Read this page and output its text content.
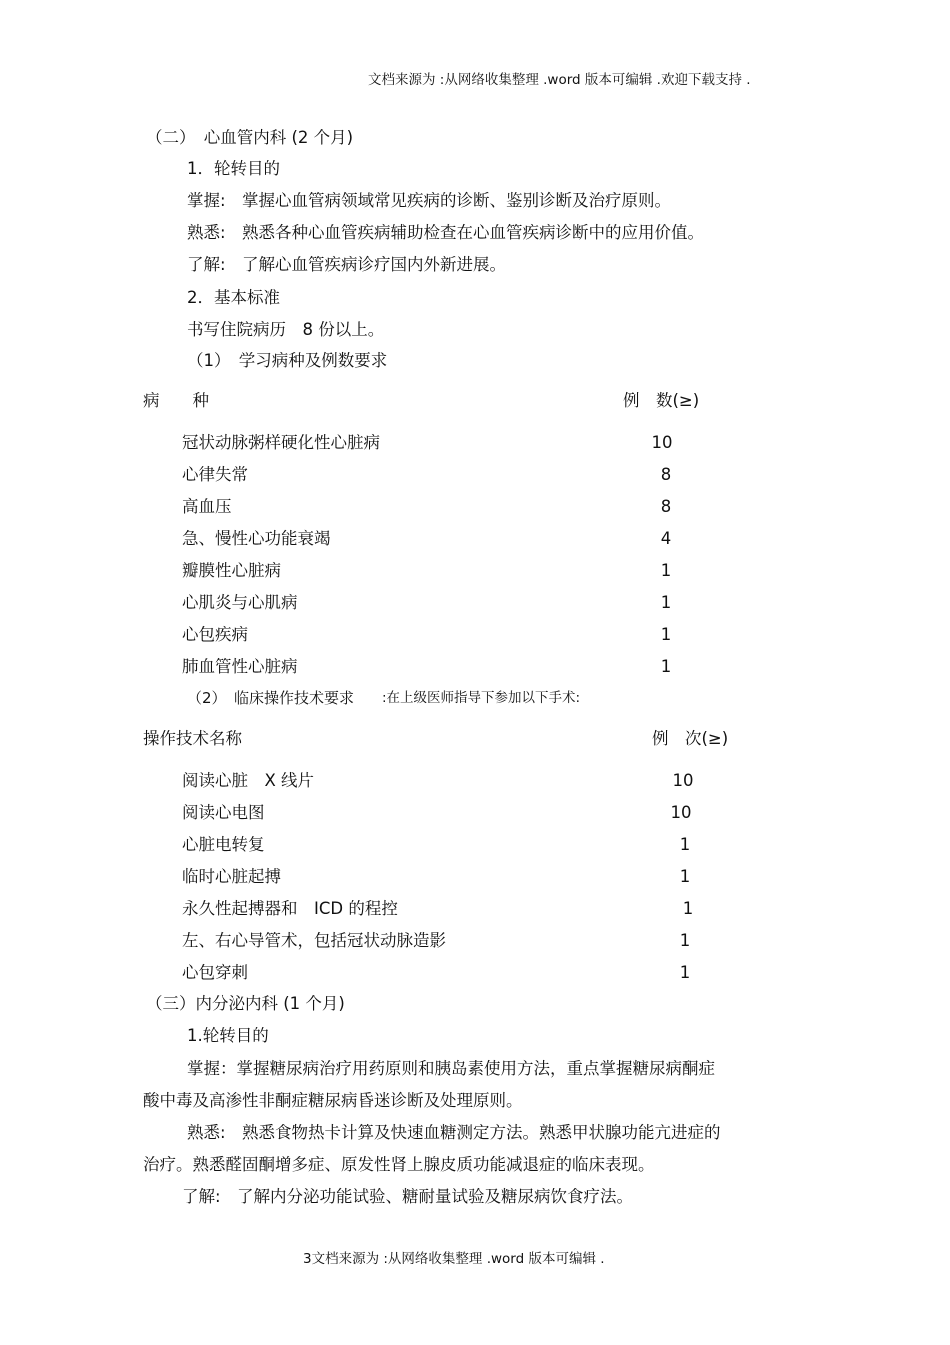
文档来源为 :从网络收集整理 .word 版本可编辑 .欢迎下载支持 .
（二）　心血管内科 (2 个月)
1．轮转目的
掌握:　掌握心血管病领域常见疾病的诊断、鉴别诊断及治疗原则。
熟悉:　熟悉各种心血管疾病辅助检查在心血管疾病诊断中的应用价值。
了解:　了解心血管疾病诊疗国内外新进展。
2．基本标准
书写住院病历　8 份以上。
（1）　学习病种及例数要求
病　　种	例　数(≥)
冠状动脉粥样硬化性心脏病	10
心律失常	8
高血压	8
急、慢性心功能衰竭	4
瓣膜性心脏病	1
心肌炎与心肌病	1
心包疾病	1
肺血管性心脏病	1
（2）　临床操作技术要求 :在上级医师指导下参加以下手术:
操作技术名称	例　次(≥)
阅读心脏　X 线片	10
阅读心电图	10
心脏电转复	1
临时心脏起搏	1
永久性起搏器和　ICD 的程控	1
左、右心导管术，包括冠状动脉造影	1
心包穿刺	1
（三）内分泌内科 (1 个月)
1.轮转目的
掌握：掌握糖尿病治疗用药原则和胰岛素使用方法，重点掌握糖尿病酮症
酸中毒及高渗性非酮症糖尿病昏迷诊断及处理原则。
熟悉:　熟悉食物热卡计算及快速血糖测定方法。熟悉甲状腺功能亢进症的
治疗。熟悉醛固酮增多症、原发性肾上腺皮质功能减退症的临床表现。
了解:　了解内分泌功能试验、糖耐量试验及糖尿病饮食疗法。
3文档来源为 :从网络收集整理 .word 版本可编辑 .
